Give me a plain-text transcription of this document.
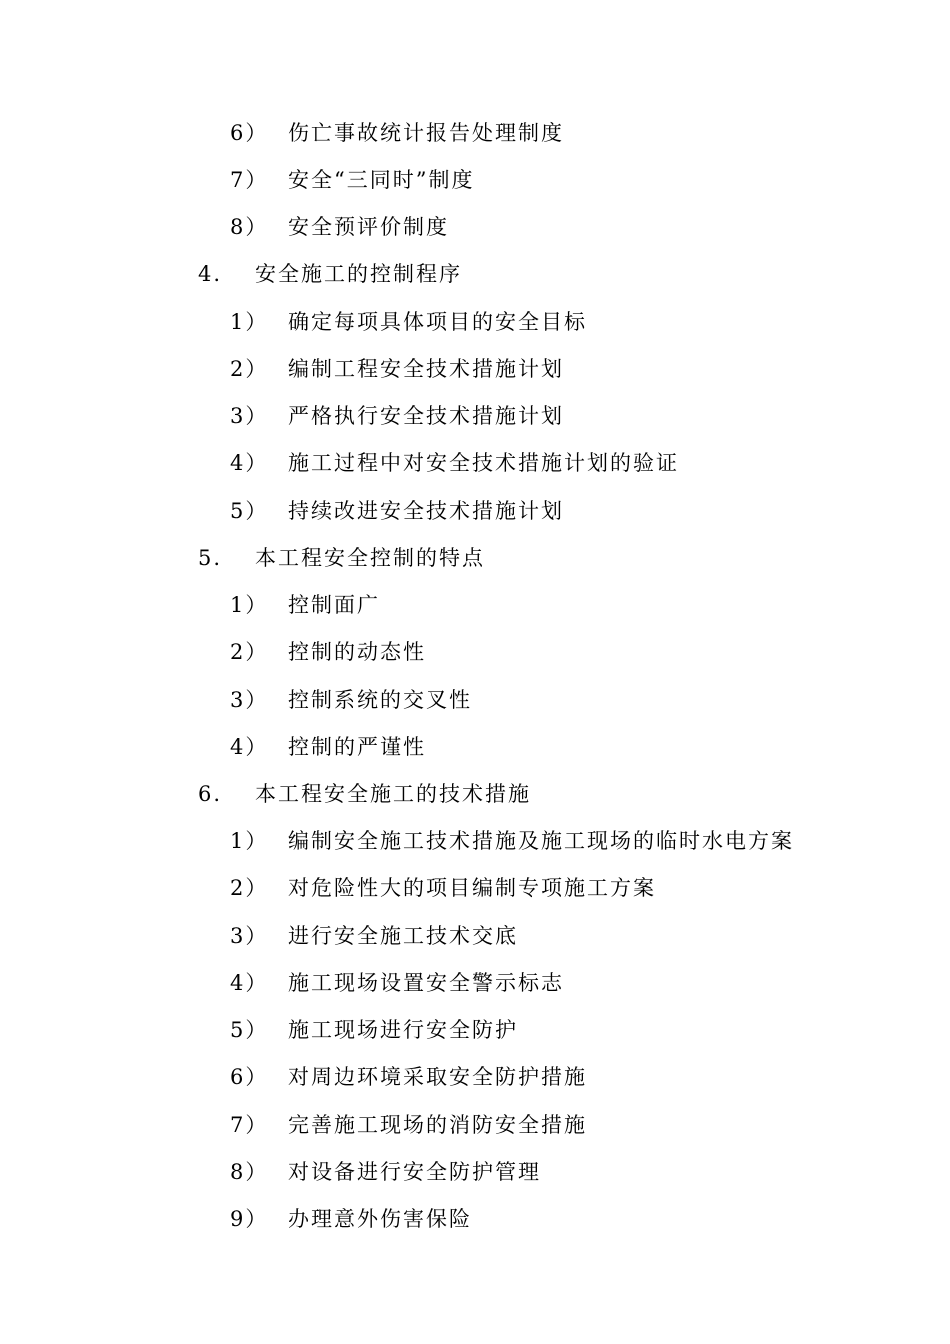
6） 伤亡事故统计报告处理制度
7） 安全“三同时”制度
8） 安全预评价制度
4. 安全施工的控制程序
1） 确定每项具体项目的安全目标
2） 编制工程安全技术措施计划
3） 严格执行安全技术措施计划
4） 施工过程中对安全技术措施计划的验证
5） 持续改进安全技术措施计划
5. 本工程安全控制的特点
1） 控制面广
2） 控制的动态性
3） 控制系统的交叉性
4） 控制的严谨性
6. 本工程安全施工的技术措施
1） 编制安全施工技术措施及施工现场的临时水电方案
2） 对危险性大的项目编制专项施工方案
3） 进行安全施工技术交底
4） 施工现场设置安全警示标志
5） 施工现场进行安全防护
6） 对周边环境采取安全防护措施
7） 完善施工现场的消防安全措施
8） 对设备进行安全防护管理
9） 办理意外伤害保险
